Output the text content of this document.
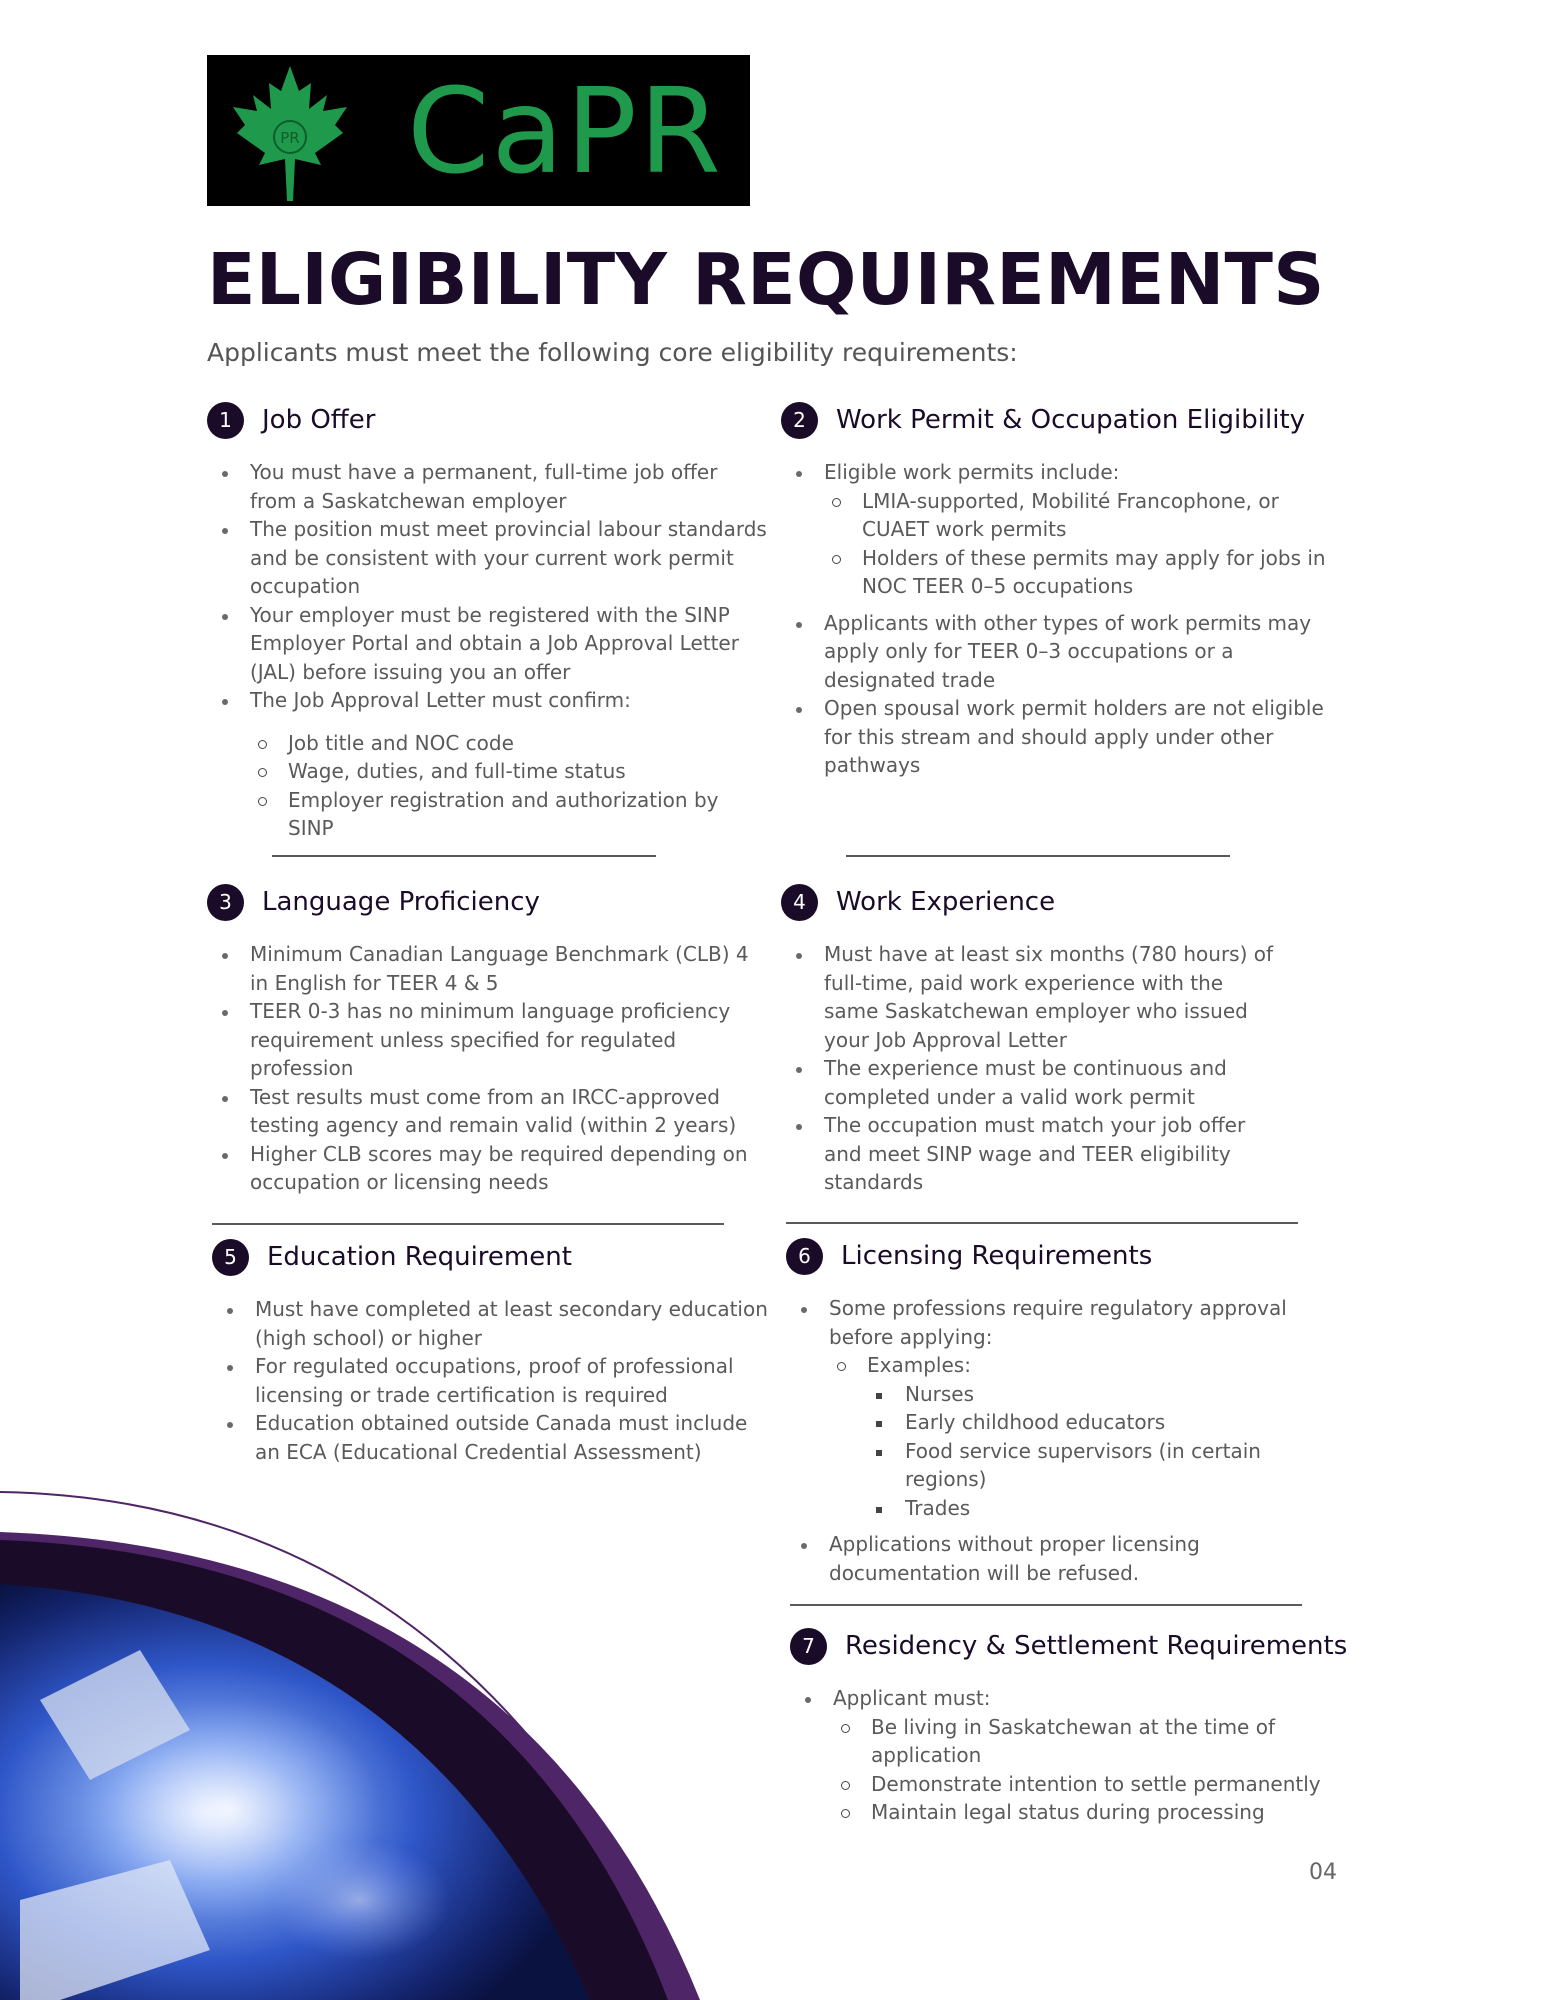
PR CaPR
ELIGIBILITY REQUIREMENTS

Applicants must meet the following core eligibility requirements:

1	Job Offer
You must have a permanent, full-time job offer from a Saskatchewan employer
The position must meet provincial labour standards and be consistent with your current work permit occupation
Your employer must be registered with the SINP Employer Portal and obtain a Job Approval Letter (JAL) before issuing you an offer
The Job Approval Letter must confirm:
Job title and NOC code
Wage, duties, and full-time status
Employer registration and authorization by SINP
2	Work Permit & Occupation Eligibility
Eligible work permits include:
LMIA-supported, Mobilité Francophone, or CUAET work permits
Holders of these permits may apply for jobs in NOC TEER 0–5 occupations
Applicants with other types of work permits may apply only for TEER 0–3 occupations or a designated trade
Open spousal work permit holders are not eligible for this stream and should apply under other pathways
3	Language Proficiency
Minimum Canadian Language Benchmark (CLB) 4 in English for TEER 4 & 5
TEER 0-3 has no minimum language proficiency requirement unless specified for regulated profession
Test results must come from an IRCC-approved testing agency and remain valid (within 2 years)
Higher CLB scores may be required depending on occupation or licensing needs
4	Work Experience
Must have at least six months (780 hours) of full-time, paid work experience with the same Saskatchewan employer who issued your Job Approval Letter
The experience must be continuous and completed under a valid work permit
The occupation must match your job offer and meet SINP wage and TEER eligibility standards
5	Education Requirement
Must have completed at least secondary education (high school) or higher
For regulated occupations, proof of professional licensing or trade certification is required
Education obtained outside Canada must include an ECA (Educational Credential Assessment)
6	Licensing Requirements
Some professions require regulatory approval before applying:
Examples:
Nurses
Early childhood educators
Food service supervisors (in certain regions)
Trades
Applications without proper licensing documentation will be refused.
7	Residency & Settlement Requirements
Applicant must:
Be living in Saskatchewan at the time of application
Demonstrate intention to settle permanently
Maintain legal status during processing
04
